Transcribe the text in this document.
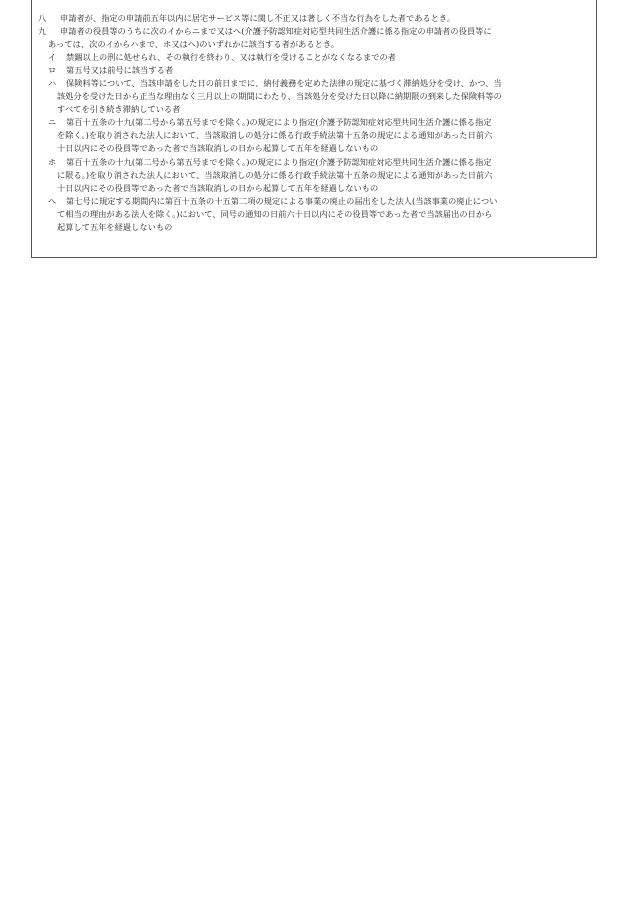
八 申請者が、指定の申請前五年以内に居宅サービス等に関し不正又は著しく不当な行為をした者であるとき。
九 申請者の役員等のうちに次のイからニまで又はへ(介護予防認知症対応型共同生活介護に係る指定の申請者の役員等に
あっては、次のイからハまで、ホ又はへ)のいずれかに該当する者があるとき。
イ 禁錮以上の刑に処せられ、その執行を終わり、又は執行を受けることがなくなるまでの者
ロ 第五号又は前号に該当する者
ハ 保険料等について、当該申請をした日の前日までに、納付義務を定めた法律の規定に基づく滞納処分を受け、かつ、当
該処分を受けた日から正当な理由なく三月以上の期間にわたり、当該処分を受けた日以降に納期限の到来した保険料等の
すべてを引き続き滞納している者
ニ 第百十五条の十九(第二号から第五号までを除く。)の規定により指定(介護予防認知症対応型共同生活介護に係る指定
を除く。)を取り消された法人において、当該取消しの処分に係る行政手続法第十五条の規定による通知があった日前六
十日以内にその役員等であった者で当該取消しの日から起算して五年を経過しないもの
ホ 第百十五条の十九(第二号から第五号までを除く。)の規定により指定(介護予防認知症対応型共同生活介護に係る指定
に限る。)を取り消された法人において、当該取消しの処分に係る行政手続法第十五条の規定による通知があった日前六
十日以内にその役員等であった者で当該取消しの日から起算して五年を経過しないもの
へ 第七号に規定する期間内に第百十五条の十五第二項の規定による事業の廃止の届出をした法人(当該事業の廃止につい
て相当の理由がある法人を除く。)において、同号の通知の日前六十日以内にその役員等であった者で当該届出の日から
起算して五年を経過しないもの
